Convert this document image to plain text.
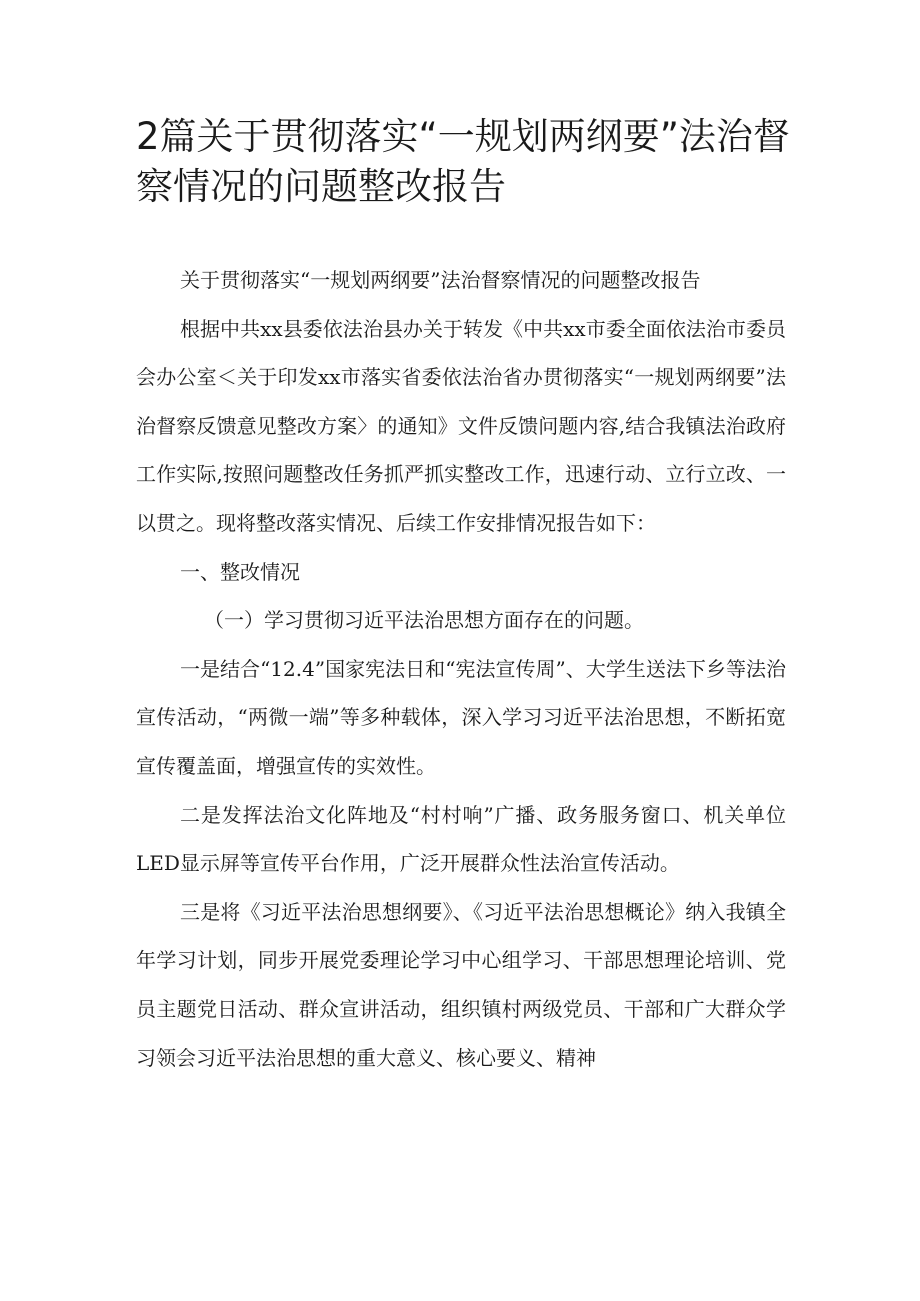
2篇关于贯彻落实“一规划两纲要”法治督察情况的问题整改报告

关于贯彻落实“一规划两纲要”法治督察情况的问题整改报告

根据中共xx县委依法治县办关于转发《中共xx市委全面依法治市委员会办公室＜关于印发xx市落实省委依法治省办贯彻落实“一规划两纲要”法治督察反馈意见整改方案〉的通知》文件反馈问题内容,结合我镇法治政府工作实际,按照问题整改任务抓严抓实整改工作，迅速行动、立行立改、一以贯之。现将整改落实情况、后续工作安排情况报告如下：

一、整改情况

（一）学习贯彻习近平法治思想方面存在的问题。

一是结合“12.4”国家宪法日和“宪法宣传周”、大学生送法下乡等法治宣传活动，“两微一端”等多种载体，深入学习习近平法治思想，不断拓宽宣传覆盖面，增强宣传的实效性。

二是发挥法治文化阵地及“村村响”广播、政务服务窗口、机关单位LED显示屏等宣传平台作用，广泛开展群众性法治宣传活动。

三是将《习近平法治思想纲要》、《习近平法治思想概论》纳入我镇全年学习计划，同步开展党委理论学习中心组学习、干部思想理论培训、党员主题党日活动、群众宣讲活动，组织镇村两级党员、干部和广大群众学习领会习近平法治思想的重大意义、核心要义、精神
